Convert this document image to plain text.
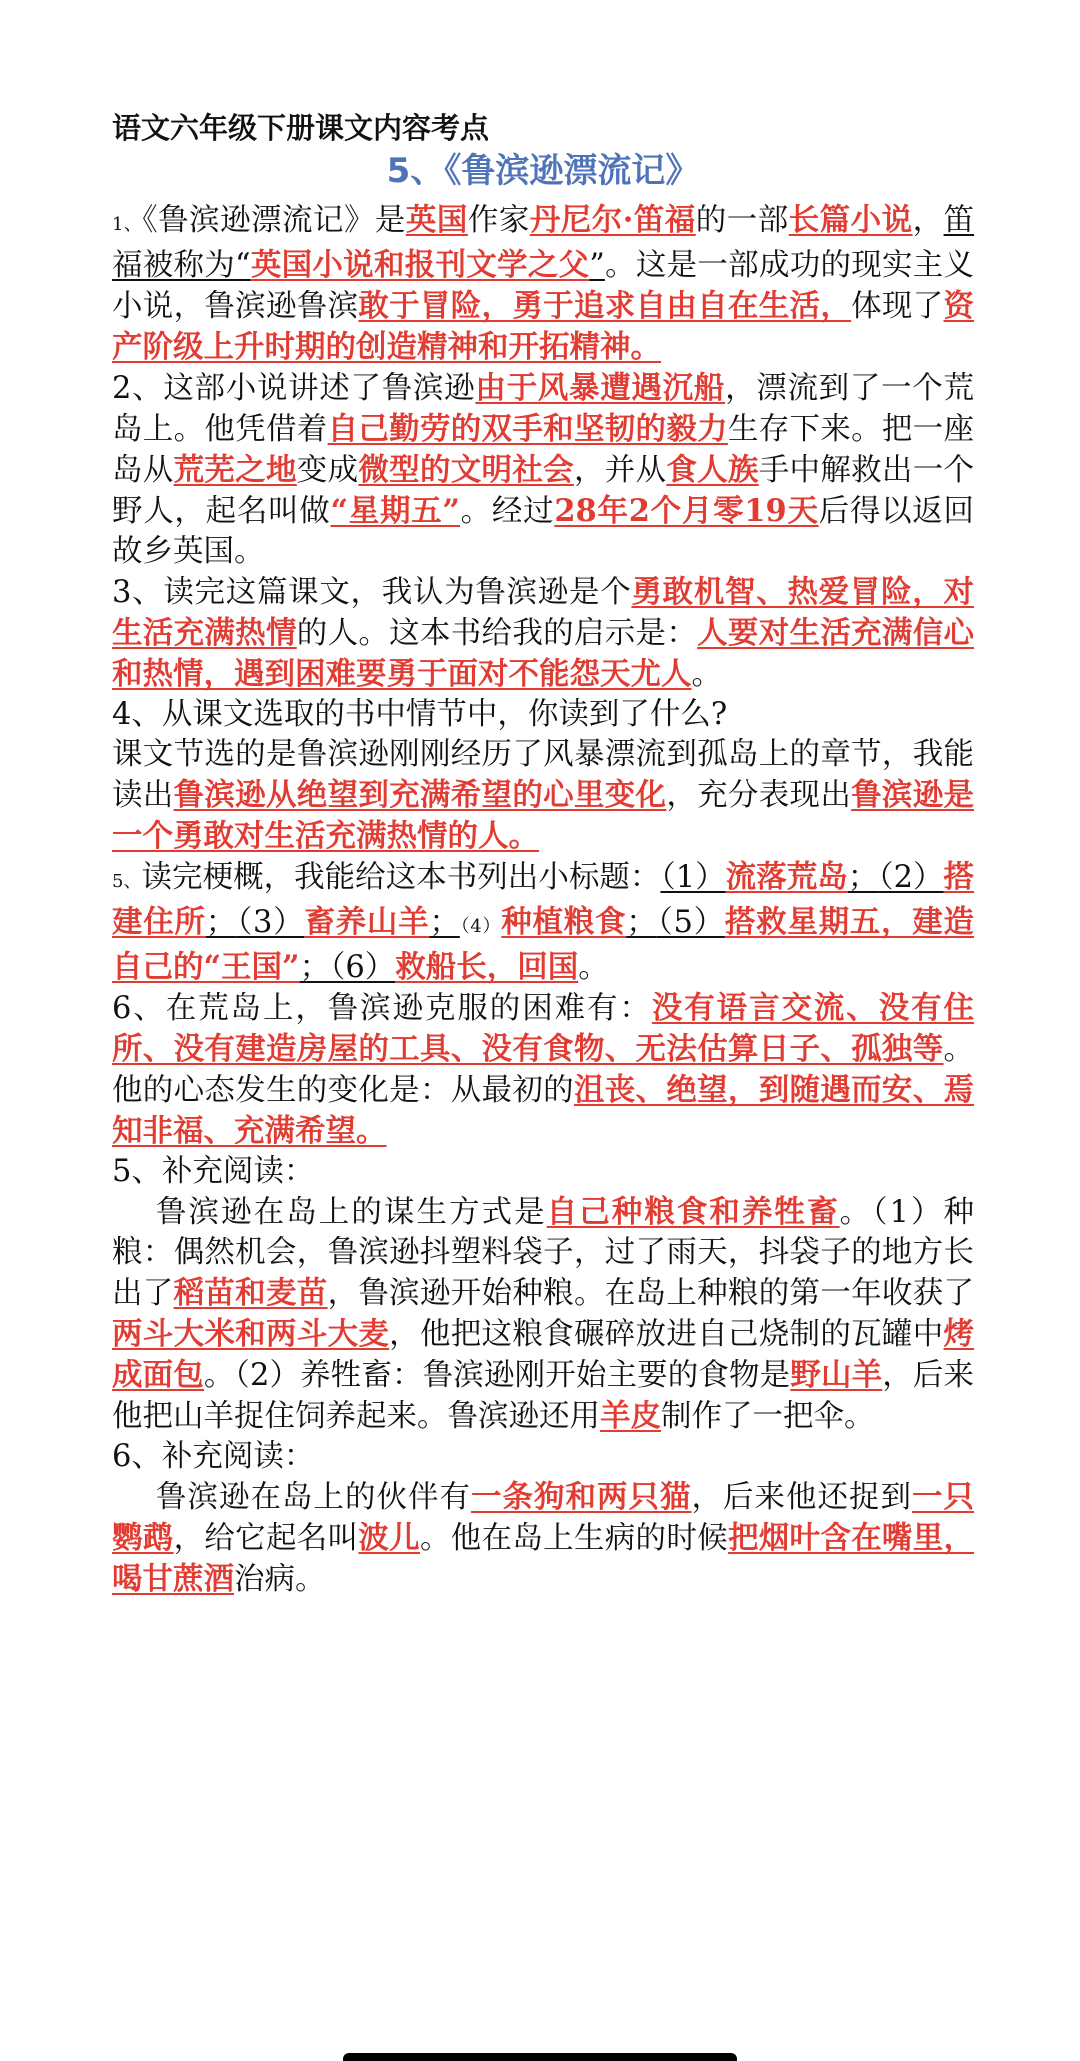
语文六年级下册课文内容考点
5、《鲁滨逊漂流记》

1、《鲁滨逊漂流记》是英国作家丹尼尔·笛福的一部长篇小说，笛福被称为“英国小说和报刊文学之父”。这是一部成功的现实主义小说，鲁滨逊鲁滨敢于冒险，勇于追求自由自在生活，体现了资产阶级上升时期的创造精神和开拓精神。

2、这部小说讲述了鲁滨逊由于风暴遭遇沉船，漂流到了一个荒岛上。他凭借着自己勤劳的双手和坚韧的毅力生存下来。把一座岛从荒芜之地变成微型的文明社会，并从食人族手中解救出一个野人，起名叫做“星期五”。经过28年2个月零19天后得以返回故乡英国。

3、读完这篇课文，我认为鲁滨逊是个勇敢机智、热爱冒险，对生活充满热情的人。这本书给我的启示是：人要对生活充满信心和热情，遇到困难要勇于面对不能怨天尤人。

4、从课文选取的书中情节中，你读到了什么?

课文节选的是鲁滨逊刚刚经历了风暴漂流到孤岛上的章节，我能读出鲁滨逊从绝望到充满希望的心里变化，充分表现出鲁滨逊是一个勇敢对生活充满热情的人。

5、读完梗概，我能给这本书列出小标题：（1）流落荒岛；（2）搭建住所；（3）畜养山羊；（4）种植粮食；（5）搭救星期五，建造自己的“王国”；（6）救船长，回国。

6、在荒岛上，鲁滨逊克服的困难有：没有语言交流、没有住所、没有建造房屋的工具、没有食物、无法估算日子、孤独等。他的心态发生的变化是：从最初的沮丧、绝望，到随遇而安、焉知非福、充满希望。

5、补充阅读：

鲁滨逊在岛上的谋生方式是自己种粮食和养牲畜。（1）种粮：偶然机会，鲁滨逊抖塑料袋子，过了雨天，抖袋子的地方长出了稻苗和麦苗，鲁滨逊开始种粮。在岛上种粮的第一年收获了两斗大米和两斗大麦，他把这粮食碾碎放进自己烧制的瓦罐中烤成面包。（2）养牲畜：鲁滨逊刚开始主要的食物是野山羊，后来他把山羊捉住饲养起来。鲁滨逊还用羊皮制作了一把伞。

6、补充阅读：

鲁滨逊在岛上的伙伴有一条狗和两只猫，后来他还捉到一只鹦鹉，给它起名叫波儿。他在岛上生病的时候把烟叶含在嘴里，喝甘蔗酒治病。
